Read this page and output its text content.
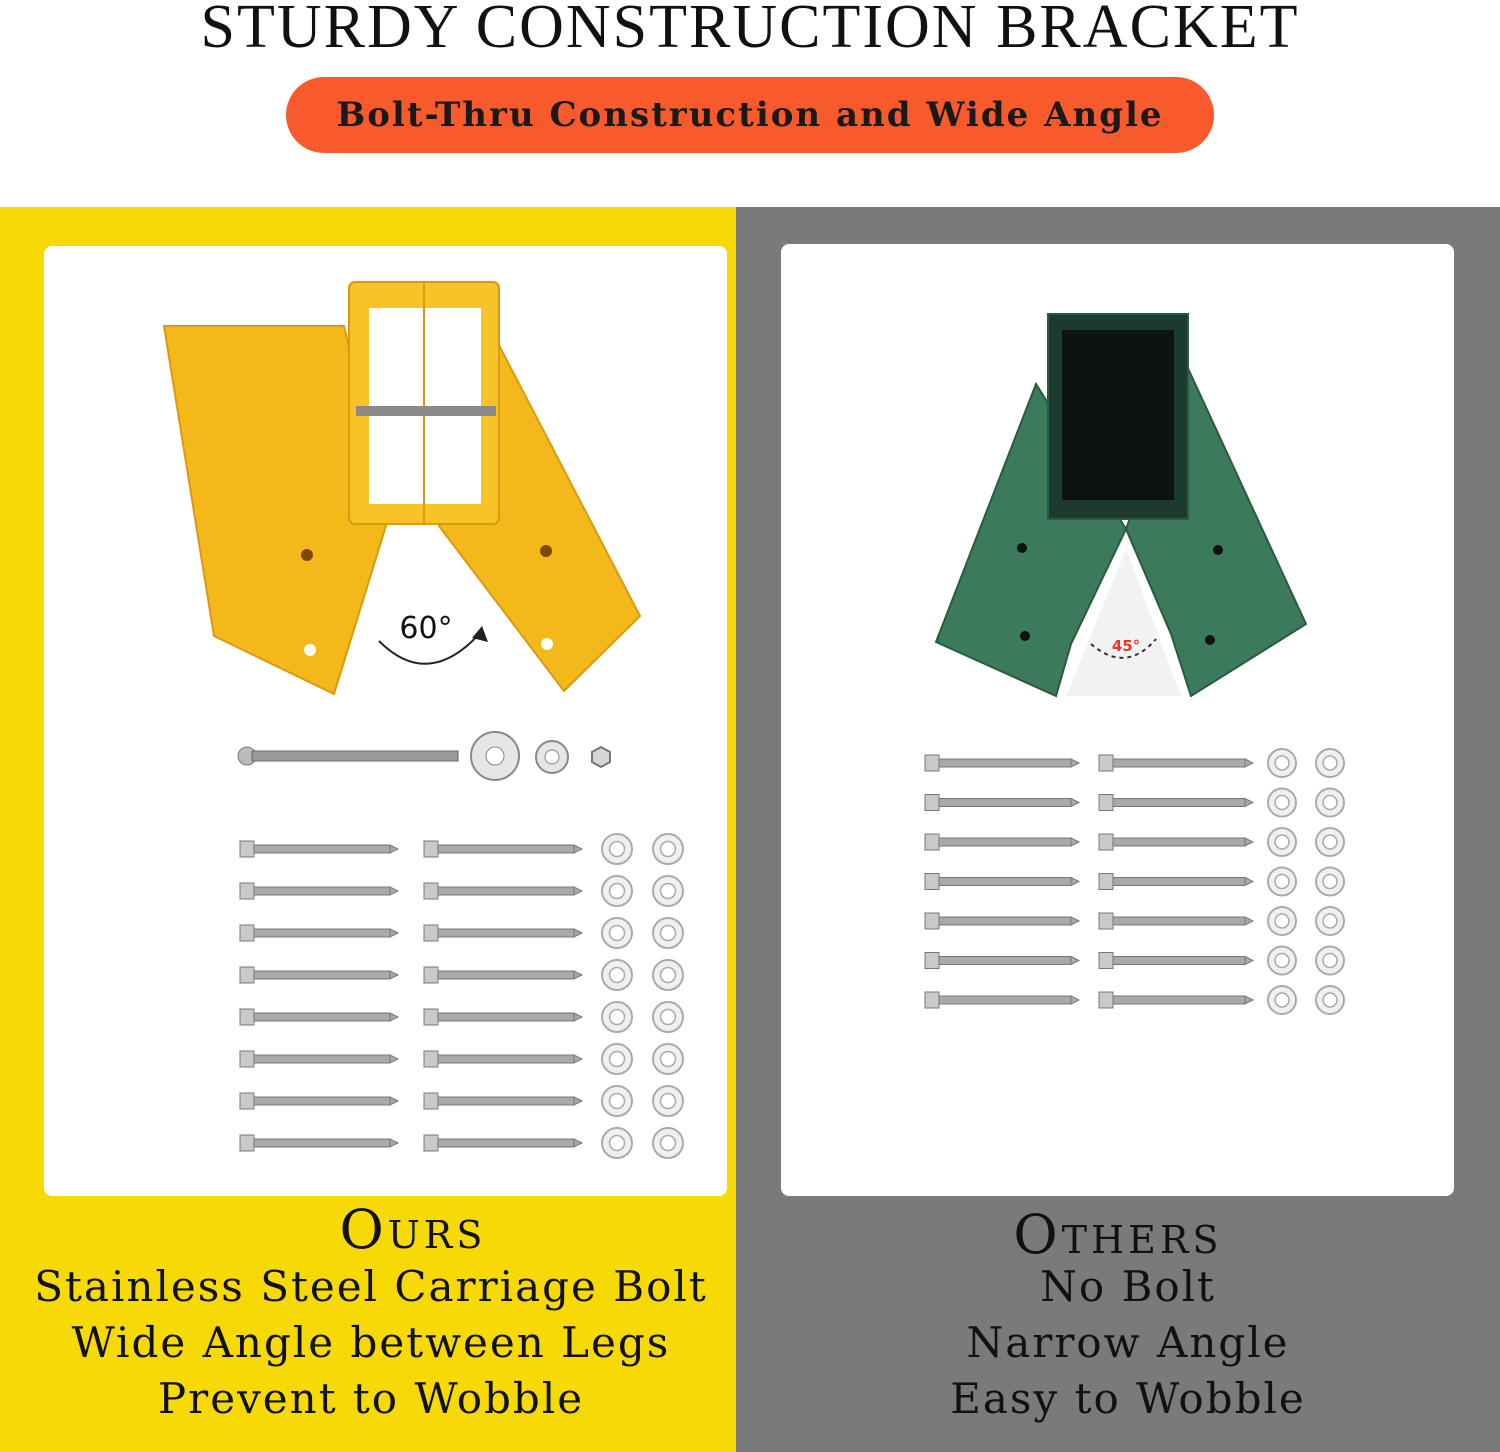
STURDY CONSTRUCTION BRACKET
Bolt-Thru Construction and Wide Angle
60°	45°
Ours
Stainless Steel Carriage Bolt
Wide Angle between Legs
Prevent to Wobble
Others
No Bolt
Narrow Angle
Easy to Wobble
